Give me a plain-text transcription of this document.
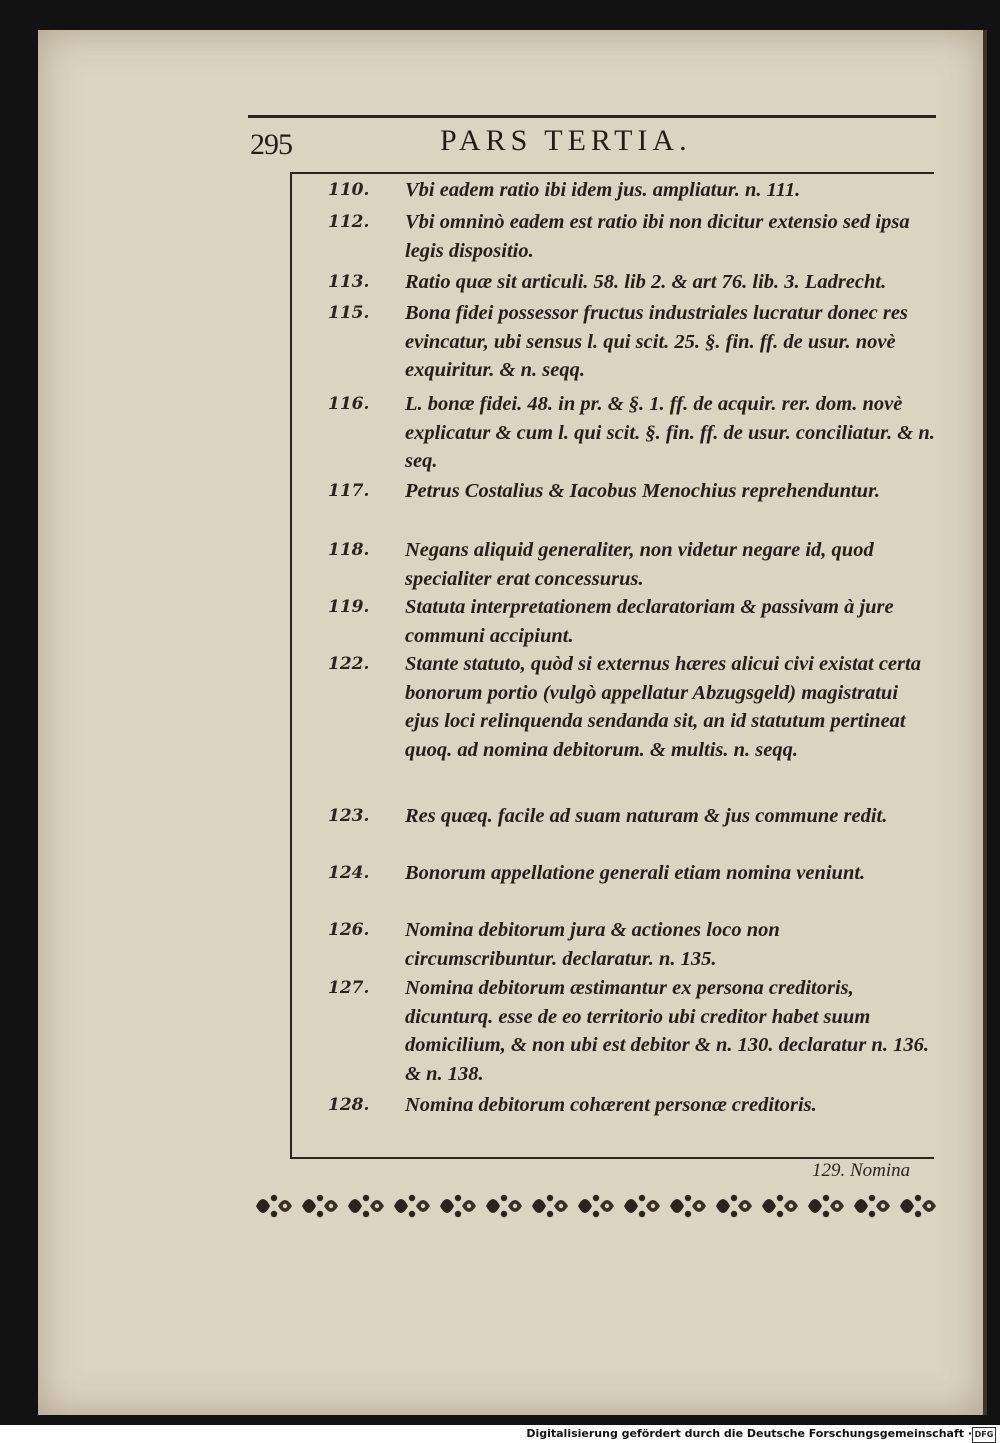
295	PARS TERTIA.
110. Vbi eadem ratio ibi idem jus. ampliatur. n. 111.

112. Vbi omninò eadem est ratio ibi non dicitur extensio sed ipsa legis dispositio.

113. Ratio quæ sit articuli. 58. lib 2. & art 76. lib. 3. Ladrecht.

115. Bona fidei possessor fructus industriales lucratur donec res evincatur, ubi sensus l. qui scit. 25. §. fin. ff. de usur. novè exquiritur. & n. seqq.

116. L. bonæ fidei. 48. in pr. & §. 1. ff. de acquir. rer. dom. novè explicatur & cum l. qui scit. §. fin. ff. de usur. conciliatur. & n. seq.

117. Petrus Costalius & Iacobus Menochius reprehenduntur.

118. Negans aliquid generaliter, non videtur negare id, quod specialiter erat concessurus.

119. Statuta interpretationem declaratoriam & passivam à jure communi accipiunt.

122. Stante statuto, quòd si externus hæres alicui civi existat certa bonorum portio (vulgò appellatur Abzugsgeld) magistratui ejus loci relinquenda sendanda sit, an id statutum pertineat quoq. ad nomina debitorum. & multis. n. seqq.

123. Res quæq. facile ad suam naturam & jus commune redit.

124. Bonorum appellatione generali etiam nomina veniunt.

126. Nomina debitorum jura & actiones loco non circumscribuntur. declaratur. n. 135.

127. Nomina debitorum æstimantur ex persona creditoris, dicunturq. esse de eo territorio ubi creditor habet suum domicilium, & non ubi est debitor & n. 130. declaratur n. 136. & n. 138.

128. Nomina debitorum cohærent personæ creditoris.

129. Nomina
Digitalisierung gefördert durch die Deutsche Forschungsgemeinschaft · DFG
